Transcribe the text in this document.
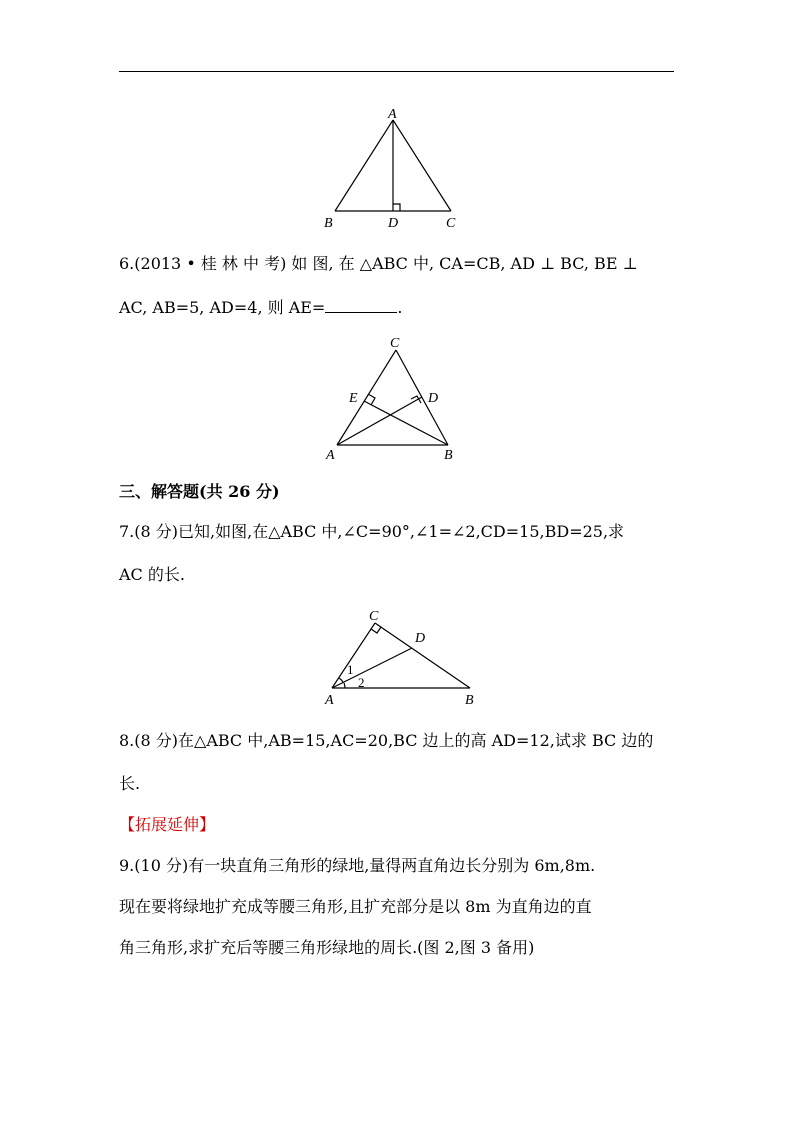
A
B	D	C
6.(2013 • 桂 林 中 考) 如 图, 在 △ABC 中, CA=CB, AD ⊥ BC, BE ⊥
AC, AB=5, AD=4, 则 AE=	.
C
E	D
A	B
三、解答题(共 26 分)
7.(8 分)已知,如图,在△ABC 中,∠C=90°,∠1=∠2,CD=15,BD=25,求
AC 的长.
C
D
A	B
1
2
8.(8 分)在△ABC 中,AB=15,AC=20,BC 边上的高 AD=12,试求 BC 边的
长.
【拓展延伸】
9.(10 分)有一块直角三角形的绿地,量得两直角边长分别为 6m,8m.
现在要将绿地扩充成等腰三角形,且扩充部分是以 8m 为直角边的直
角三角形,求扩充后等腰三角形绿地的周长.(图 2,图 3 备用)
